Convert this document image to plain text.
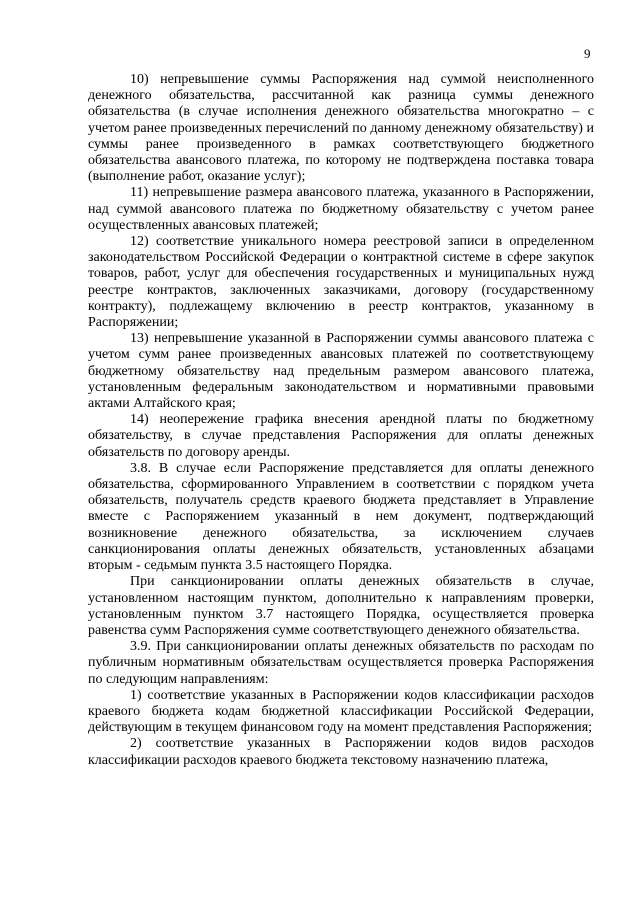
9

10) непревышение суммы Распоряжения над суммой неисполненного денежного обязательства, рассчитанной как разница суммы денежного обязательства (в случае исполнения денежного обязательства многократно – с учетом ранее произведенных перечислений по данному денежному обязательству) и суммы ранее произведенного в рамках соответствующего бюджетного обязательства авансового платежа, по которому не подтверждена поставка товара (выполнение работ, оказание услуг);

11) непревышение размера авансового платежа, указанного в Распоряжении, над суммой авансового платежа по бюджетному обязательству с учетом ранее осуществленных авансовых платежей;

12) соответствие уникального номера реестровой записи в определенном законодательством Российской Федерации о контрактной системе в сфере закупок товаров, работ, услуг для обеспечения государственных и муниципальных нужд реестре контрактов, заключенных заказчиками, договору (государственному контракту), подлежащему включению в реестр контрактов, указанному в Распоряжении;

13) непревышение указанной в Распоряжении суммы авансового платежа с учетом сумм ранее произведенных авансовых платежей по соответствующему бюджетному обязательству над предельным размером авансового платежа, установленным федеральным законодательством и нормативными правовыми актами Алтайского края;

14) неопережение графика внесения арендной платы по бюджетному обязательству, в случае представления Распоряжения для оплаты денежных обязательств по договору аренды.

3.8. В случае если Распоряжение представляется для оплаты денежного обязательства, сформированного Управлением в соответствии с порядком учета обязательств, получатель средств краевого бюджета представляет в Управление вместе с Распоряжением указанный в нем документ, подтверждающий возникновение денежного обязательства, за исключением случаев санкционирования оплаты денежных обязательств, установленных абзацами вторым - седьмым пункта 3.5 настоящего Порядка.

При санкционировании оплаты денежных обязательств в случае, установленном настоящим пунктом, дополнительно к направлениям проверки, установленным пунктом 3.7 настоящего Порядка, осуществляется проверка равенства сумм Распоряжения сумме соответствующего денежного обязательства.

3.9. При санкционировании оплаты денежных обязательств по расходам по публичным нормативным обязательствам осуществляется проверка Распоряжения по следующим направлениям:

1) соответствие указанных в Распоряжении кодов классификации расходов краевого бюджета кодам бюджетной классификации Российской Федерации, действующим в текущем финансовом году на момент представления Распоряжения;

2) соответствие указанных в Распоряжении кодов видов расходов классификации расходов краевого бюджета текстовому назначению платежа,
